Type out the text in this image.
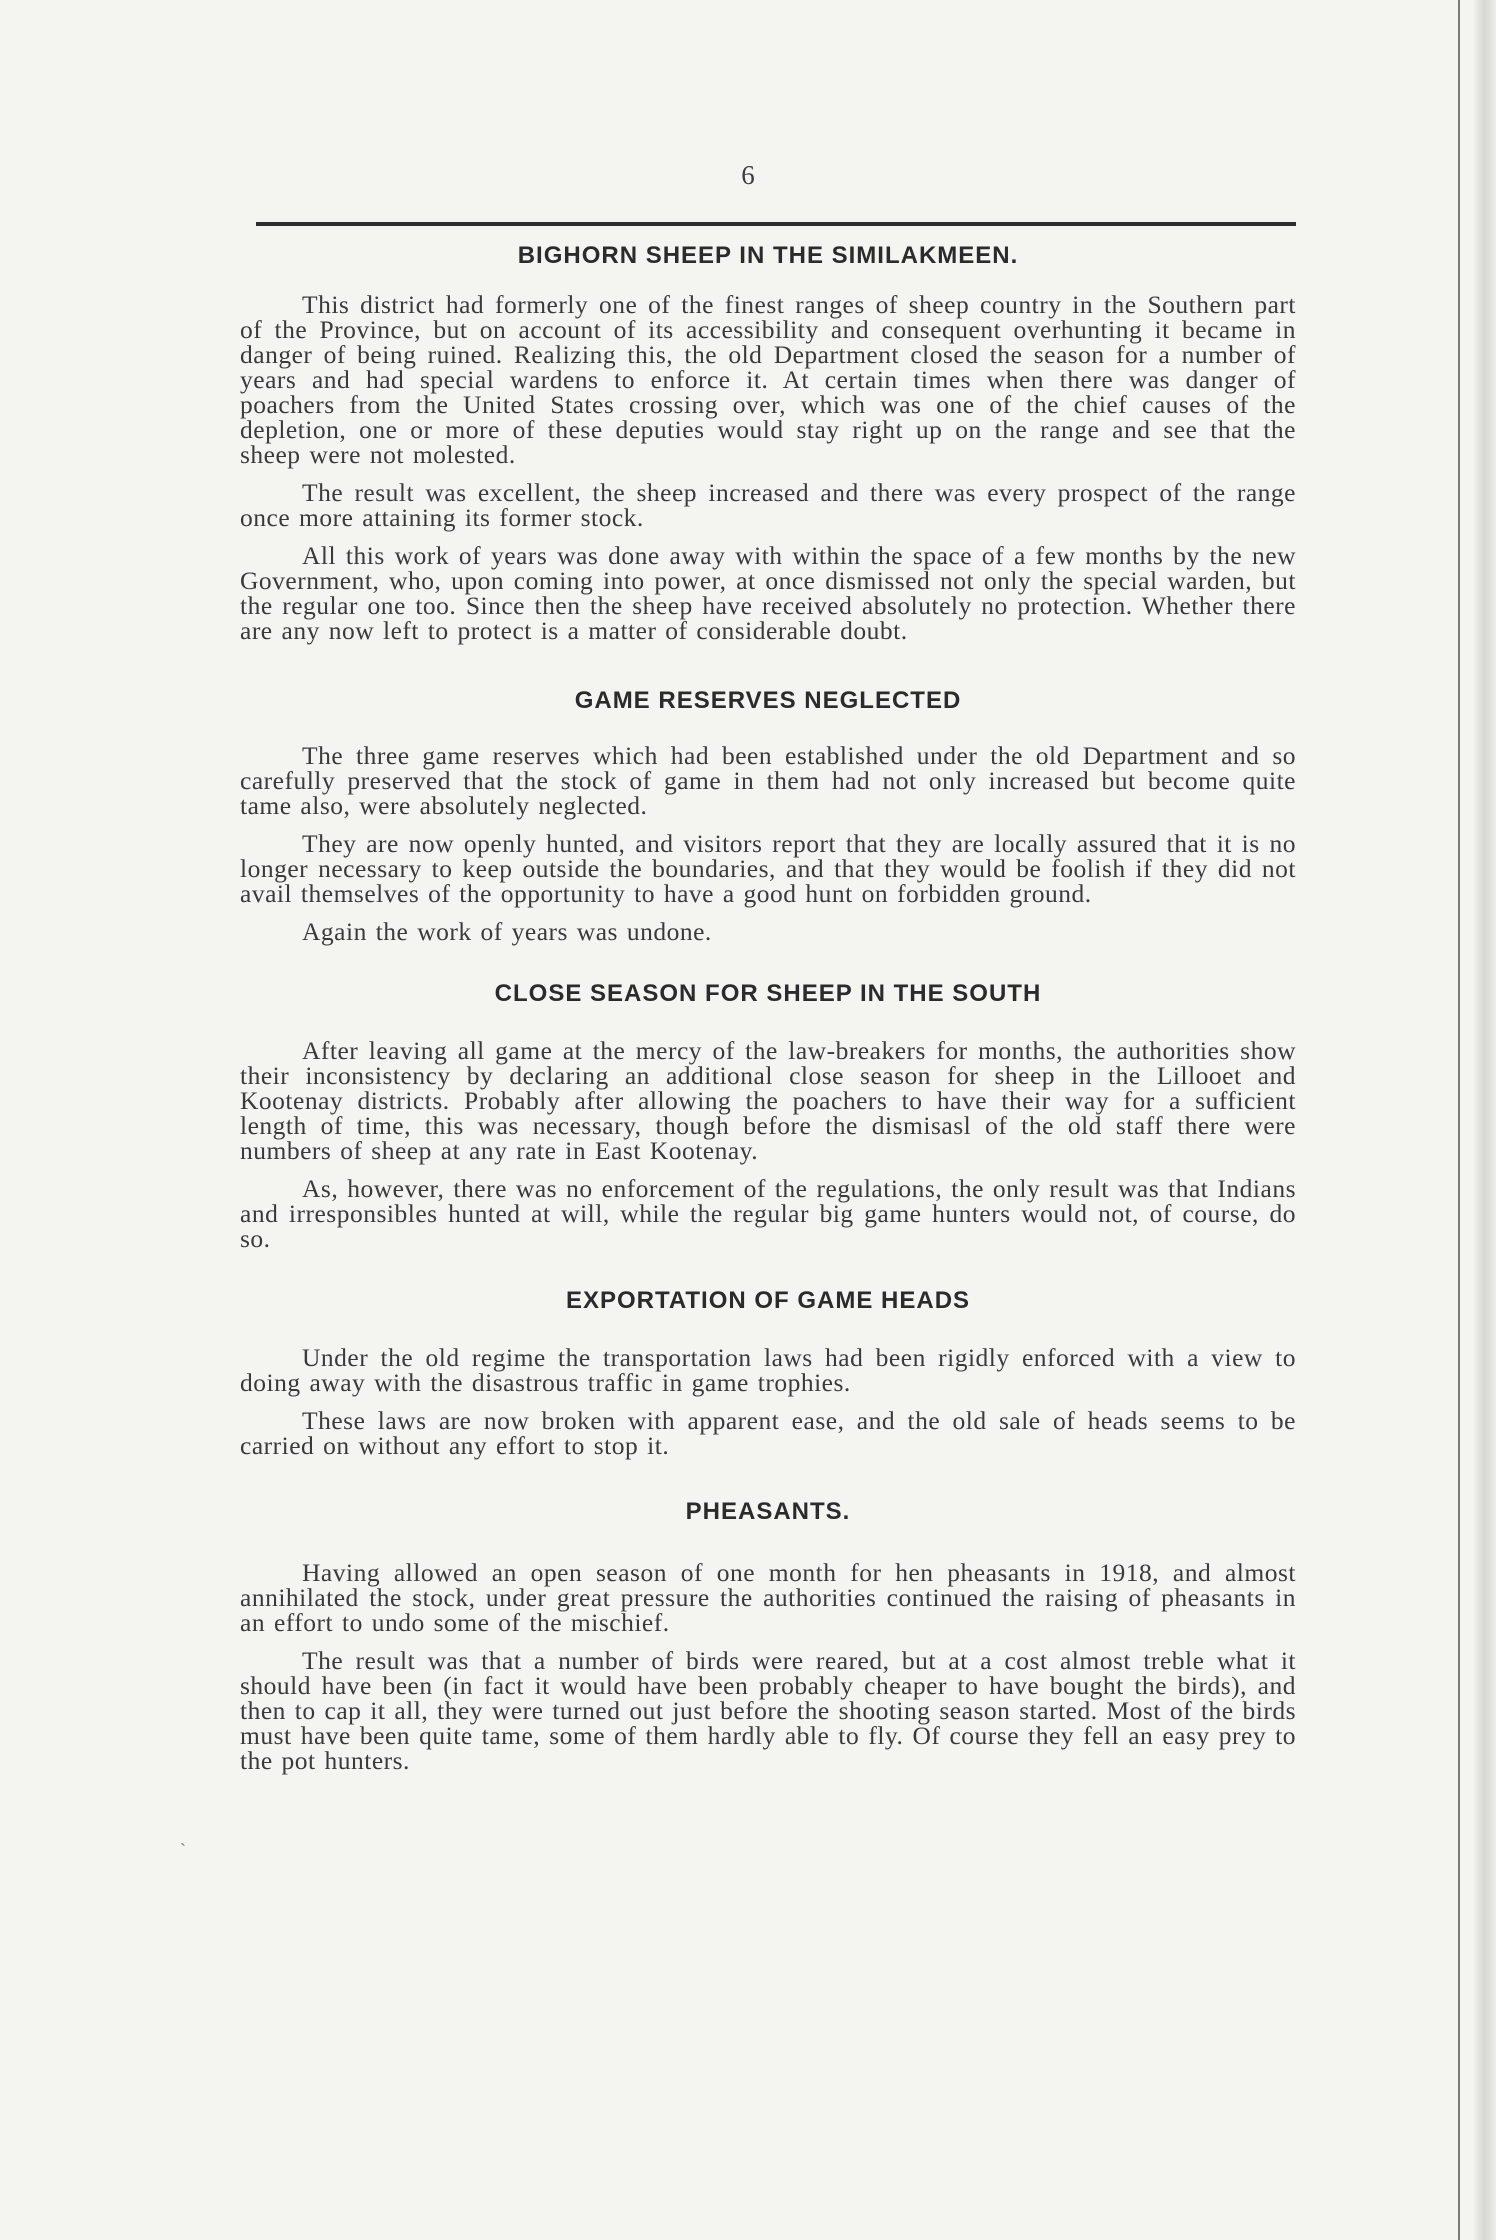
6
ˏ
BIGHORN SHEEP IN THE SIMILAKMEEN.

This district had formerly one of the finest ranges of sheep country in the Southern part of the Province, but on account of its accessibility and consequent overhunting it became in danger of being ruined. Realizing this, the old Department closed the season for a number of years and had special wardens to enforce it. At certain times when there was danger of poachers from the United States crossing over, which was one of the chief causes of the depletion, one or more of these deputies would stay right up on the range and see that the sheep were not molested.

The result was excellent, the sheep increased and there was every prospect of the range once more attaining its former stock.

All this work of years was done away with within the space of a few months by the new Government, who, upon coming into power, at once dismissed not only the special warden, but the regular one too. Since then the sheep have received absolutely no protection. Whether there are any now left to protect is a matter of considerable doubt.

GAME RESERVES NEGLECTED

The three game reserves which had been established under the old Department and so carefully preserved that the stock of game in them had not only increased but become quite tame also, were absolutely neglected.

They are now openly hunted, and visitors report that they are locally assured that it is no longer necessary to keep outside the boundaries, and that they would be foolish if they did not avail themselves of the opportunity to have a good hunt on forbidden ground.

Again the work of years was undone.

CLOSE SEASON FOR SHEEP IN THE SOUTH

After leaving all game at the mercy of the law-breakers for months, the authorities show their inconsistency by declaring an additional close season for sheep in the Lillooet and Kootenay districts. Probably after allowing the poachers to have their way for a sufficient length of time, this was necessary, though before the dismisasl of the old staff there were numbers of sheep at any rate in East Kootenay.

As, however, there was no enforcement of the regulations, the only result was that Indians and irresponsibles hunted at will, while the regular big game hunters would not, of course, do so.

EXPORTATION OF GAME HEADS

Under the old regime the transportation laws had been rigidly enforced with a view to doing away with the disastrous traffic in game trophies.

These laws are now broken with apparent ease, and the old sale of heads seems to be carried on without any effort to stop it.

PHEASANTS.

Having allowed an open season of one month for hen pheasants in 1918, and almost annihilated the stock, under great pressure the authorities continued the raising of pheasants in an effort to undo some of the mischief.

The result was that a number of birds were reared, but at a cost almost treble what it should have been (in fact it would have been probably cheaper to have bought the birds), and then to cap it all, they were turned out just before the shooting season started. Most of the birds must have been quite tame, some of them hardly able to fly. Of course they fell an easy prey to the pot hunters.
